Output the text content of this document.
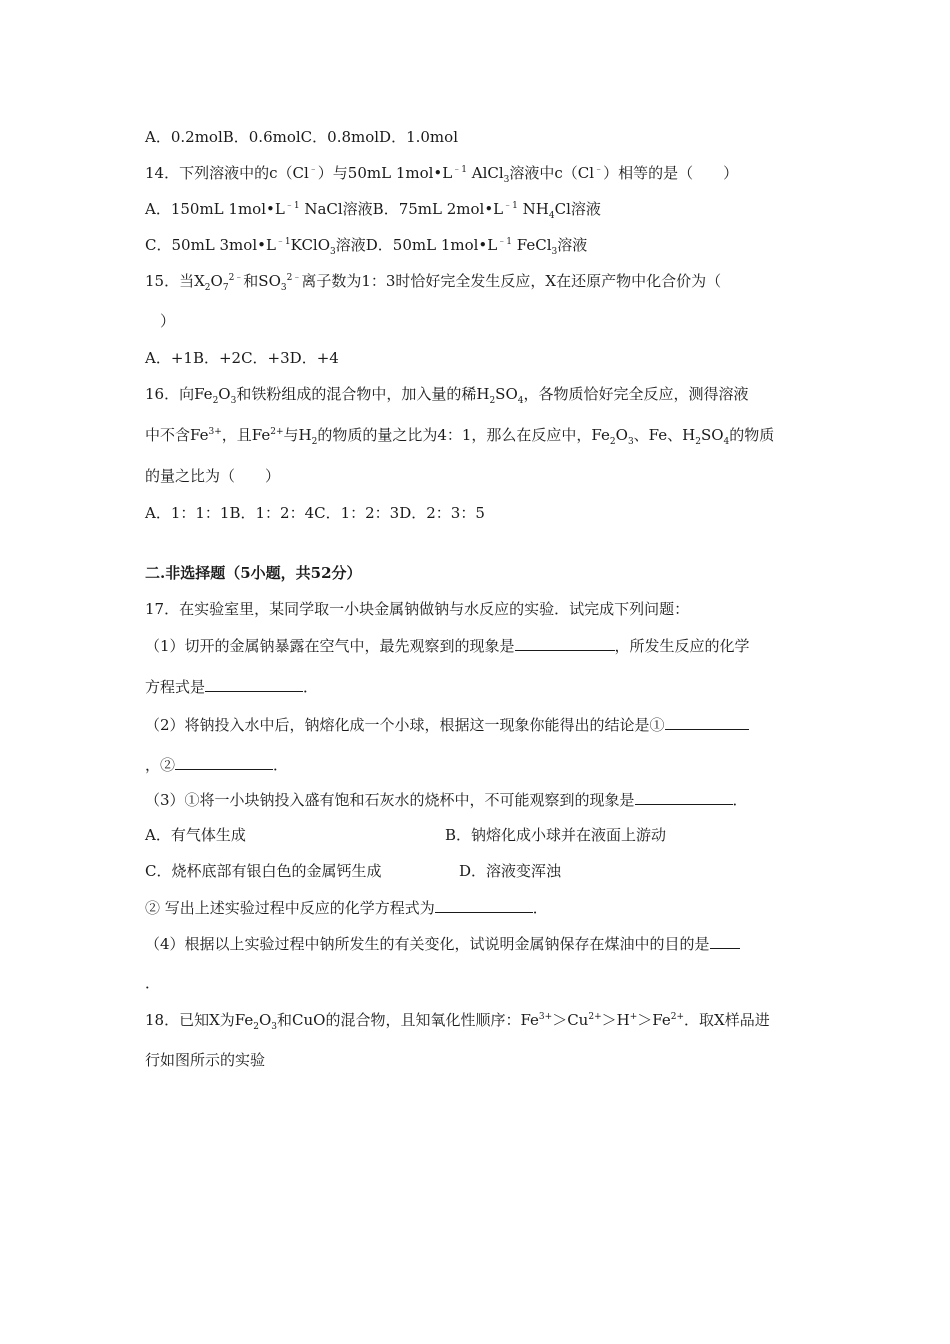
A．0.2molB．0.6molC．0.8molD．1.0mol
14．下列溶液中的c（Cl﹣）与50mL $1mol•L^{﹣1}$ AlCl$_3$溶液中c（Cl﹣）相等的是（　　）
A．150mL $1mol•L^{﹣1}$ NaCl溶液B．75mL $2mol•L^{﹣1}$ $NH_4Cl$溶液
C．50mL $3mol•L^{﹣1}KClO_3$溶液D．50mL $1mol•L^{﹣1}$ FeCl$_3$溶液
15．当$X_2O_7^{2﹣}$和$SO_3^{2﹣}$离子数为1：3时恰好完全发生反应，X在还原产物中化合价为（
）
A．+1B．+2C．+3D．+4
16．向$Fe_2O_3$和铁粉组成的混合物中，加入量的稀$H_2SO_4$，各物质恰好完全反应，测得溶液
中不含$Fe^{3+}$，且$Fe^{2+}$与$H_2$的物质的量之比为4：1，那么在反应中，$Fe_2O_3$、Fe、$H_2SO_4$的物质
的量之比为（　　）
A．1：1：1B．1：2：4C．1：2：3D．2：3：5
二.非选择题（5小题，共52分）
17．在实验室里，某同学取一小块金属钠做钠与水反应的实验．试完成下列问题：
（1）切开的金属钠暴露在空气中，最先观察到的现象是	，所发生反应的化学
方程式是	．
（2）将钠投入水中后，钠熔化成一个小球，根据这一现象你能得出的结论是①
，②	．
（3）①将一小块钠投入盛有饱和石灰水的烧杯中，不可能观察到的现象是	．
A．有气体生成	B．钠熔化成小球并在液面上游动
C．烧杯底部有银白色的金属钙生成	D．溶液变浑浊
② 写出上述实验过程中反应的化学方程式为	．
（4）根据以上实验过程中钠所发生的有关变化，试说明金属钠保存在煤油中的目的是
．
18．已知X为$Fe_2O_3$和CuO的混合物，且知氧化性顺序：$Fe^{3+}>Cu^{2+}>H^+>Fe^{2+}$．取X样品进
行如图所示的实验
